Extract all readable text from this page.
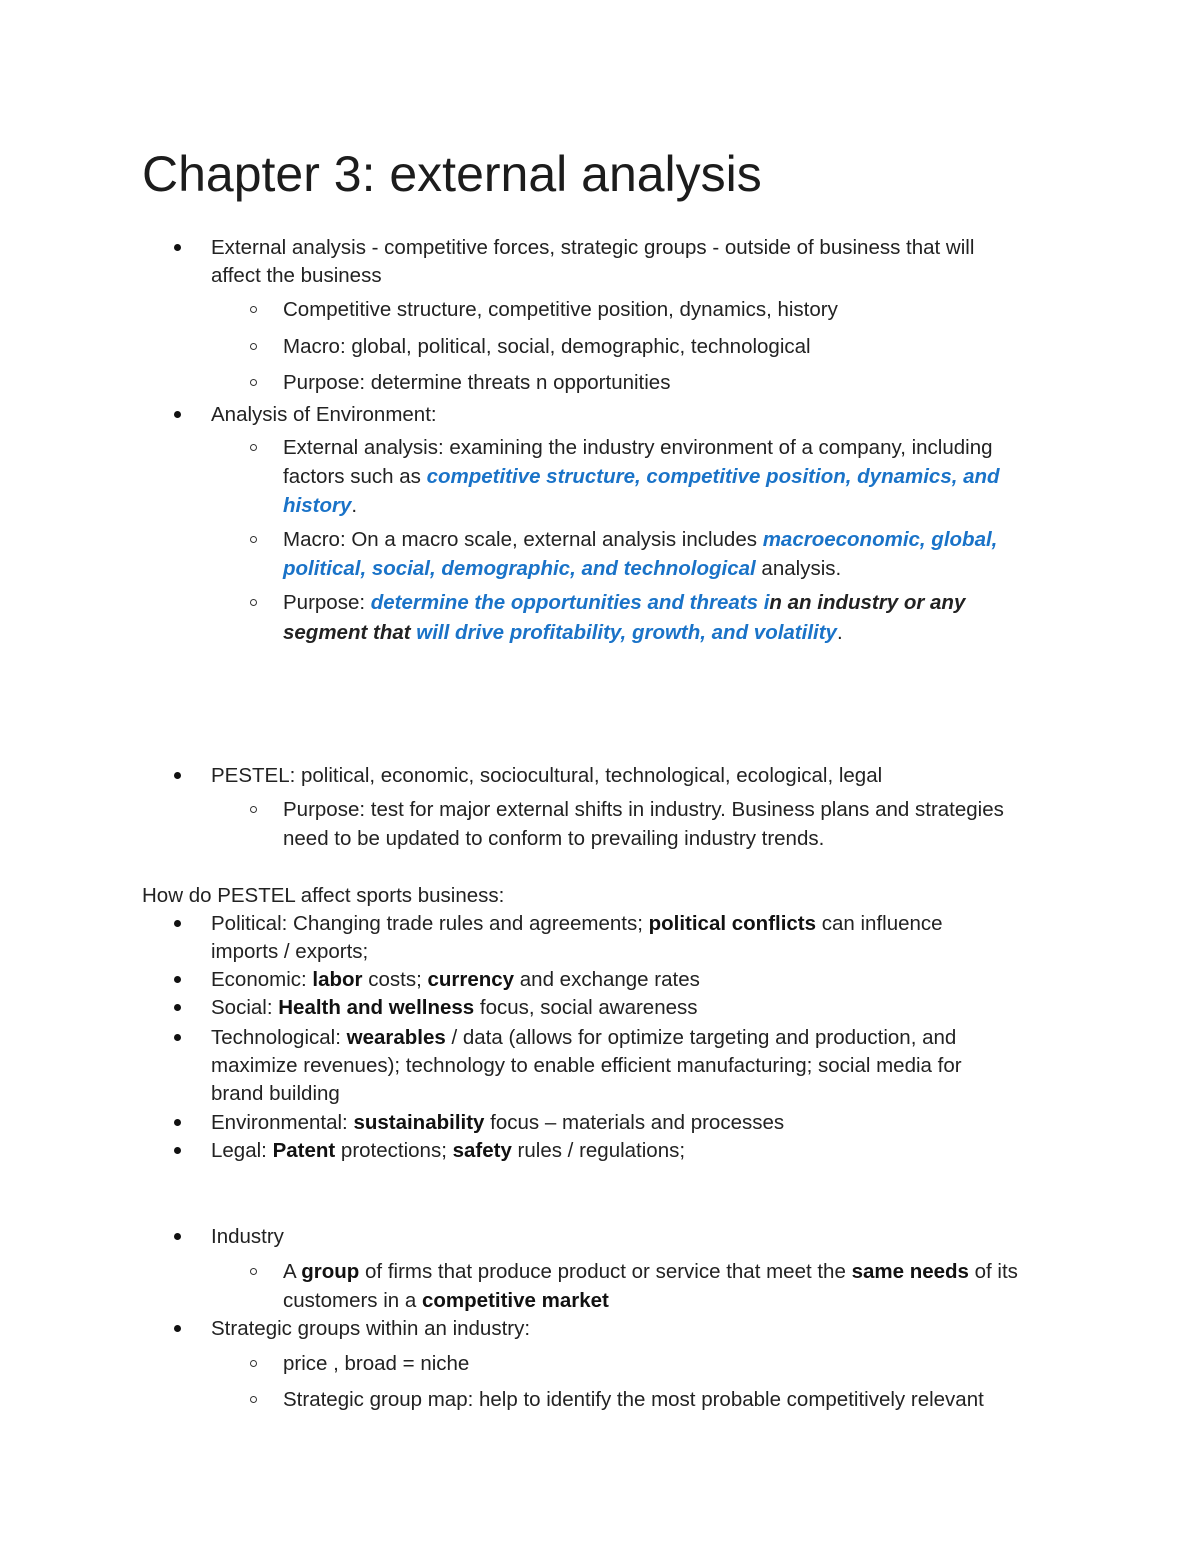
Chapter 3: external analysis
External analysis - competitive forces, strategic groups - outside of business that will
affect the business
Competitive structure, competitive position, dynamics, history
Macro: global, political, social, demographic, technological
Purpose: determine threats n opportunities
Analysis of Environment:
External analysis: examining the industry environment of a company, including
factors such as competitive structure, competitive position, dynamics, and
history.
Macro: On a macro scale, external analysis includes macroeconomic, global,
political, social, demographic, and technological analysis.
Purpose: determine the opportunities and threats in an industry or any
segment that will drive profitability, growth, and volatility.
PESTEL: political, economic, sociocultural, technological, ecological, legal
Purpose: test for major external shifts in industry. Business plans and strategies
need to be updated to conform to prevailing industry trends.
How do PESTEL affect sports business:
Political: Changing trade rules and agreements; political conflicts can influence
imports / exports;
Economic: labor costs; currency and exchange rates
Social: Health and wellness focus, social awareness
Technological: wearables / data (allows for optimize targeting and production, and
maximize revenues); technology to enable efficient manufacturing; social media for
brand building
Environmental: sustainability focus – materials and processes
Legal: Patent protections; safety rules / regulations;
Industry
A group of firms that produce product or service that meet the same needs of its
customers in a competitive market
Strategic groups within an industry:
price , broad = niche
Strategic group map: help to identify the most probable competitively relevant
